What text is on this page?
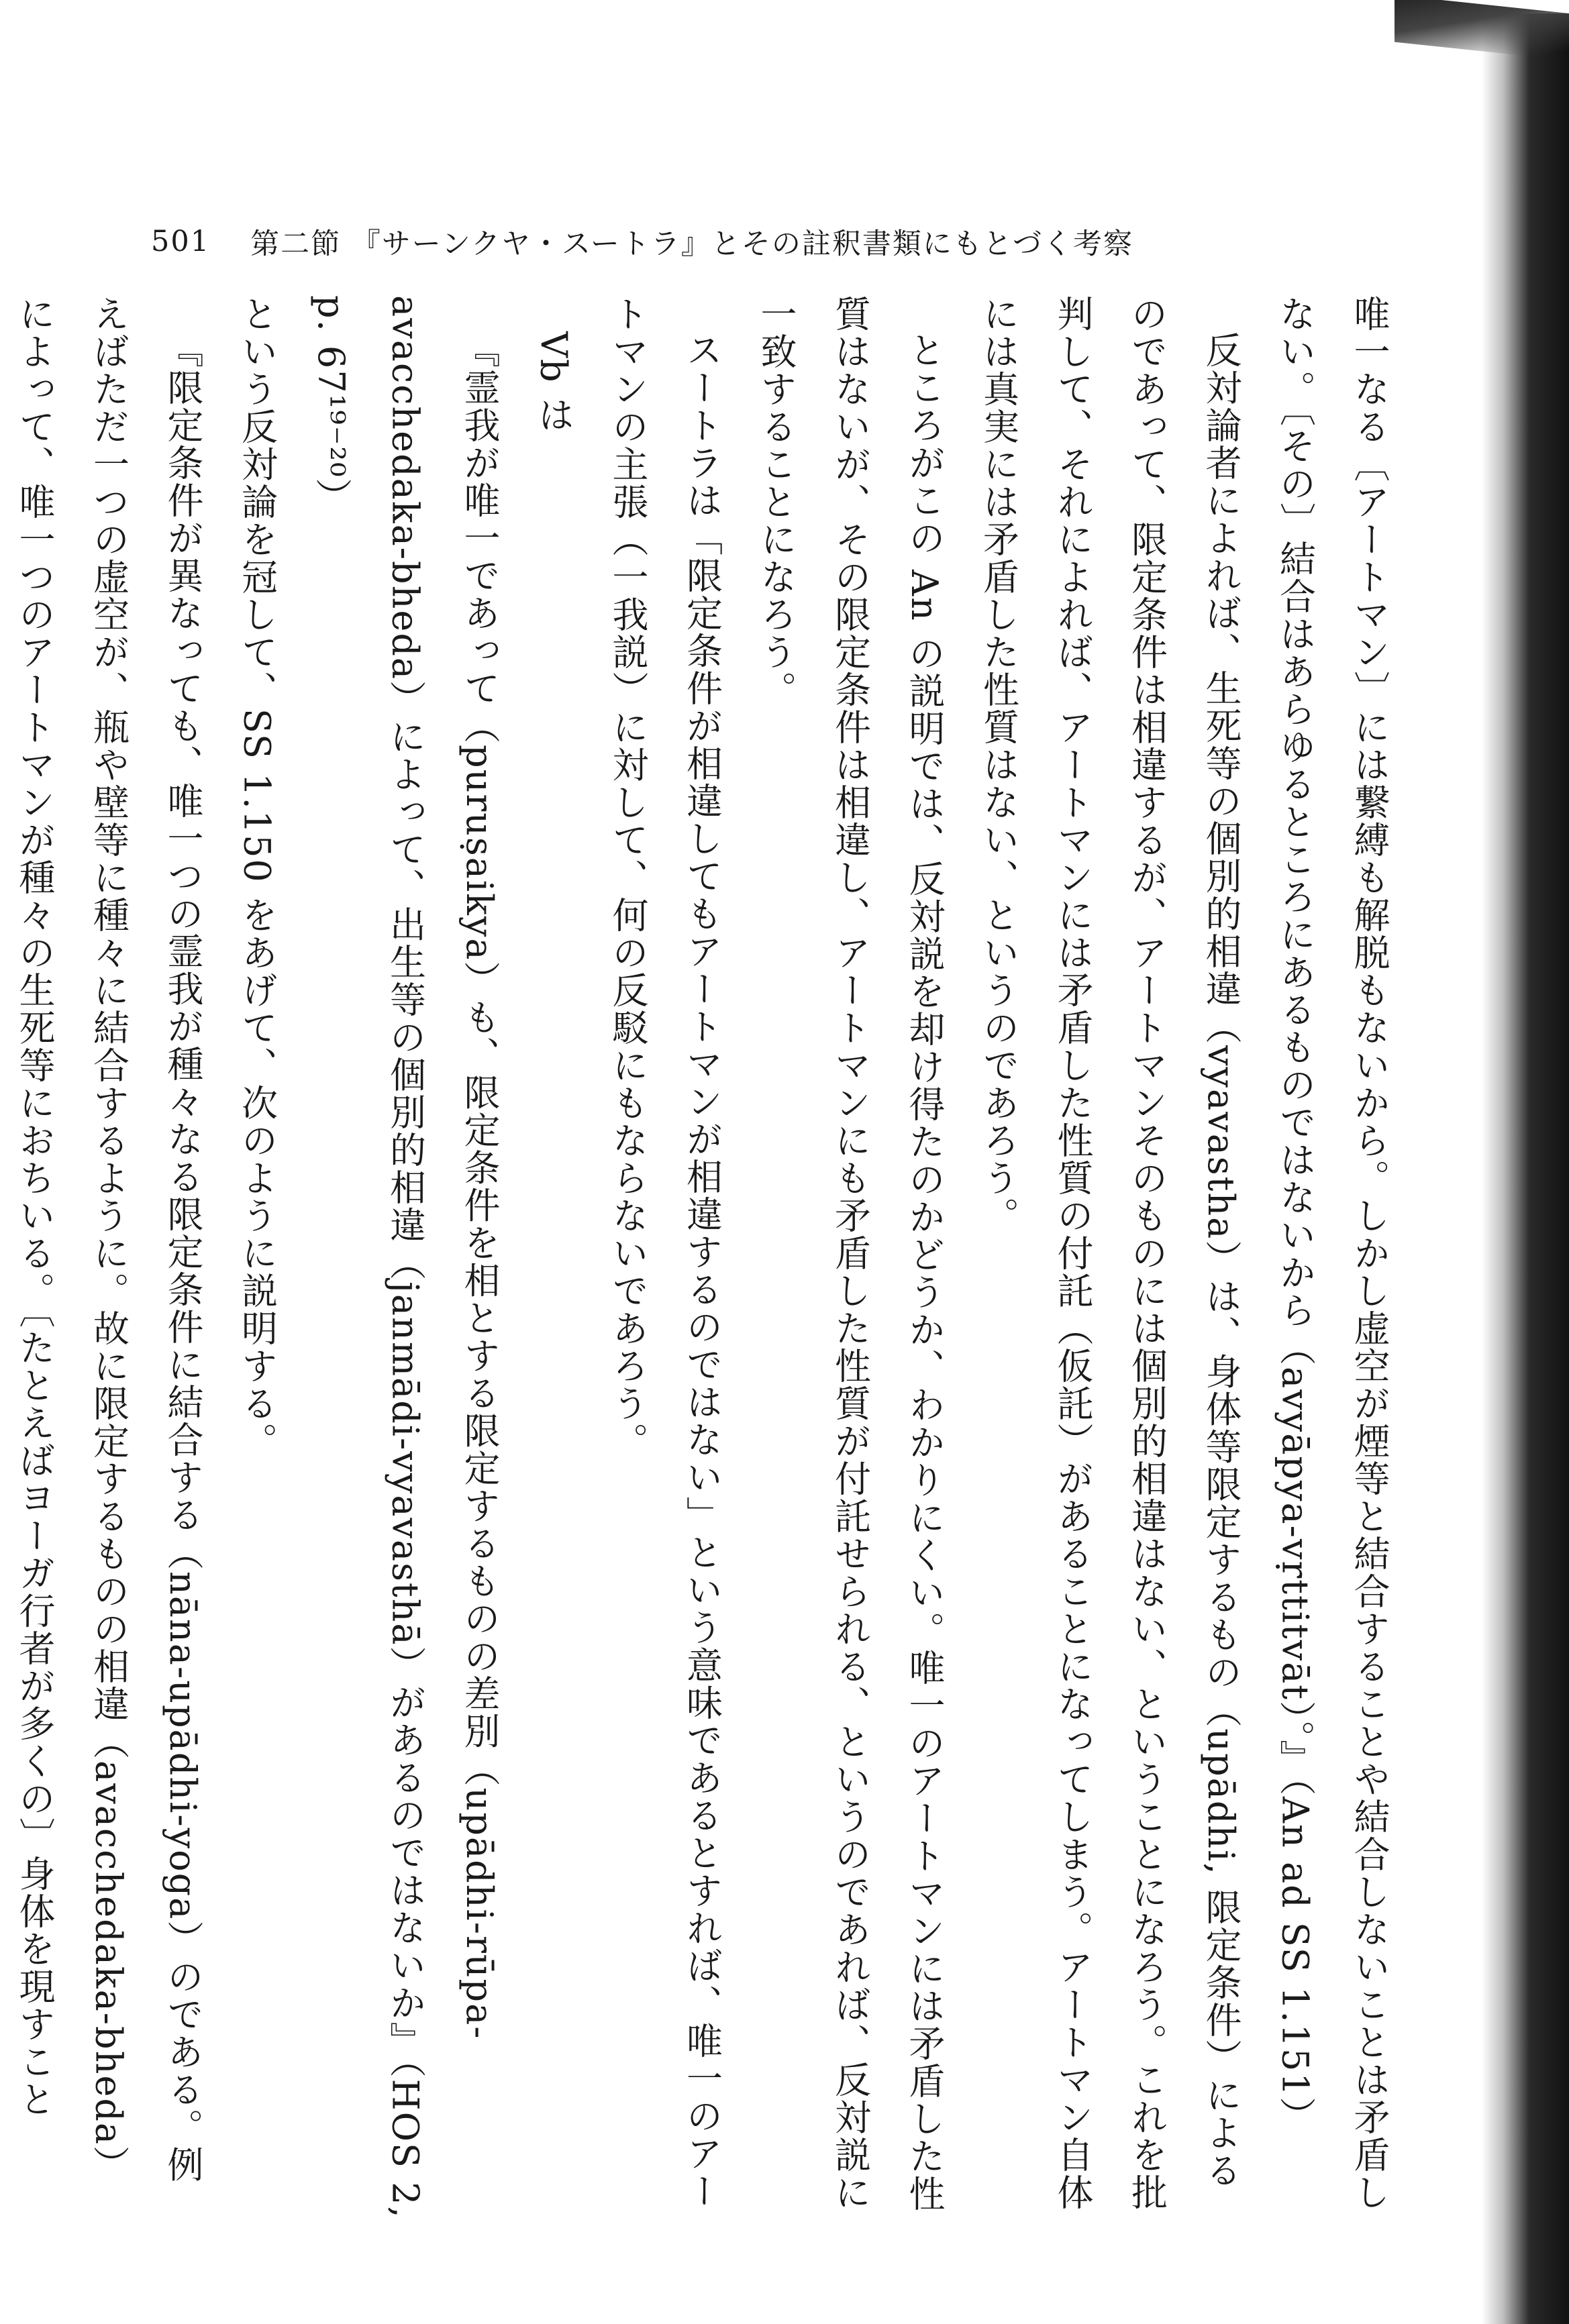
501 第二節 『サーンクヤ・スートラ』とその註釈書類にもとづく考察

唯一なる〔アートマン〕には繋縛も解脱もないから。しかし虚空が煙等と結合することや結合しないことは矛盾しない。〔その〕結合はあらゆるところにあるものではないから（avyāpya-vṛttitvāt）。』（An ad SS 1.151）

反対論者によれば、生死等の個別的相違（vyavastha）は、身体等限定するもの（upādhi, 限定条件）によるのであって、限定条件は相違するが、アートマンそのものには個別的相違はない、ということになろう。これを批判して、それによれば、アートマンには矛盾した性質の付託（仮託）があることになってしまう。アートマン自体には真実には矛盾した性質はない、というのであろう。

ところがこの An の説明では、反対説を却け得たのかどうか、わかりにくい。唯一のアートマンには矛盾した性質はないが、その限定条件は相違し、アートマンにも矛盾した性質が付託せられる、というのであれば、反対説に一致することになろう。

スートラは「限定条件が相違してもアートマンが相違するのではない」という意味であるとすれば、唯一のアートマンの主張（一我説）に対して、何の反駁にもならないであろう。

Vb は

『霊我が唯一であって（puruṣaikya）も、限定条件を相とする限定するものの差別（upādhi-rūpa-avacchedaka-bheda）によって、出生等の個別的相違（janmādi-vyavasthā）があるのではないか』（HOS 2, p. 67¹⁹⁻²⁰）

という反対論を冠して、SS 1.150 をあげて、次のように説明する。

『限定条件が異なっても、唯一つの霊我が種々なる限定条件に結合する（nāna-upādhi-yoga）のである。例えばただ一つの虚空が、瓶や壁等に種々に結合するように。故に限定するものの相違（avacchedaka-bheda）によって、唯一つのアートマンが種々の生死等におちいる。〔たとえばヨーガ行者が多くの〕身体を現すこと
